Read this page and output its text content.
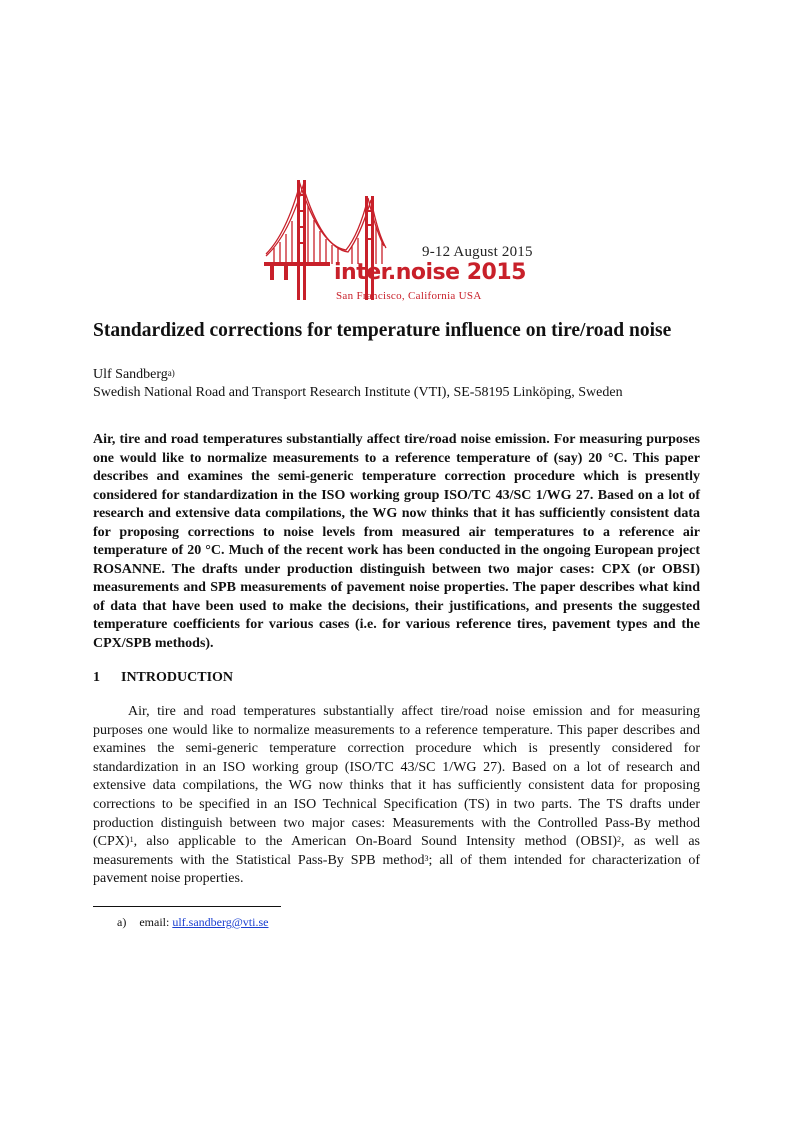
9-12 August 2015
inter.noise 2015
San Francisco, California USA
Standardized corrections for temperature influence on tire/road noise
Ulf Sandberg$^{a)}$
Swedish National Road and Transport Research Institute (VTI), SE-58195 Linköping, Sweden

Air, tire and road temperatures substantially affect tire/road noise emission. For measuring purposes one would like to normalize measurements to a reference temperature of (say) 20 °C. This paper describes and examines the semi-generic temperature correction procedure which is presently considered for standardization in the ISO working group ISO/TC 43/SC 1/WG 27. Based on a lot of research and extensive data compilations, the WG now thinks that it has sufficiently consistent data for proposing corrections to noise levels from measured air temperatures to a reference air temperature of 20 °C. Much of the recent work has been conducted in the ongoing European project ROSANNE. The drafts under production distinguish between two major cases: CPX (or OBSI) measurements and SPB measurements of pavement noise properties. The paper describes what kind of data that have been used to make the decisions, their justifications, and presents the suggested temperature coefficients for various cases (i.e. for various reference tires, pavement types and the CPX/SPB methods).

1	INTRODUCTION

Air, tire and road temperatures substantially affect tire/road noise emission and for measuring purposes one would like to normalize measurements to a reference temperature. This paper describes and examines the semi-generic temperature correction procedure which is presently considered for standardization in an ISO working group (ISO/TC 43/SC 1/WG 27). Based on a lot of research and extensive data compilations, the WG now thinks that it has sufficiently consistent data for proposing corrections to be specified in an ISO Technical Specification (TS) in two parts. The TS drafts under production distinguish between two major cases: Measurements with the Controlled Pass-By method (CPX)$^1$, also applicable to the American On-Board Sound Intensity method (OBSI)$^2$, as well as measurements with the Statistical Pass-By SPB method$^3$; all of them intended for characterization of pavement noise properties.

a) email: ulf.sandberg@vti.se
